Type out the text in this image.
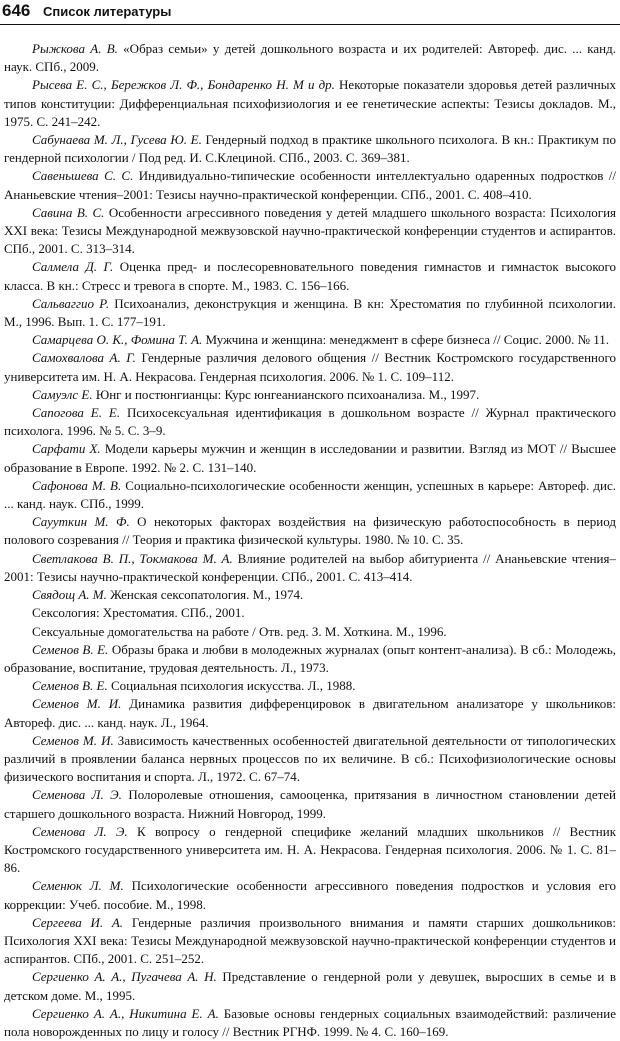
646 Список литературы

Рыжкова А. В. «Образ семьи» у детей дошкольного возраста и их родителей: Автореф. дис. ... канд. наук. СПб., 2009.

Рысева Е. С., Бережков Л. Ф., Бондаренко Н. М и др. Некоторые показатели здоровья детей различных типов конституции: Дифференциальная психофизиология и ее генетические аспекты: Тезисы докладов. М., 1975. С. 241–242.

Сабунаева М. Л., Гусева Ю. Е. Гендерный подход в практике школьного психолога. В кн.: Практикум по гендерной психологии / Под ред. И. С.Клециной. СПб., 2003. С. 369–381.

Савеньшева С. С. Индивидуально-типические особенности интеллектуально одаренных подростков // Ананьевские чтения–2001: Тезисы научно-практической конференции. СПб., 2001. С. 408–410.

Савина В. С. Особенности агрессивного поведения у детей младшего школьного возраста: Психология XXI века: Тезисы Международной межвузовской научно-практической конференции студентов и аспирантов. СПб., 2001. С. 313–314.

Салмела Д. Г. Оценка пред- и послесоревновательного поведения гимнастов и гимнасток высокого класса. В кн.: Стресс и тревога в спорте. М., 1983. С. 156–166.

Сальваггио Р. Психоанализ, деконструкция и женщина. В кн: Хрестоматия по глубинной психологии. М., 1996. Вып. 1. С. 177–191.

Самарцева О. К., Фомина Т. А. Мужчина и женщина: менеджмент в сфере бизнеса // Социс. 2000. № 11.

Самохвалова А. Г. Гендерные различия делового общения // Вестник Костромского государственного университета им. Н. А. Некрасова. Гендерная психология. 2006. № 1. С. 109–112.

Самуэлс Е. Юнг и постюнгианцы: Курс юнгеанианского психоанализа. М., 1997.

Сапогова Е. Е. Психосексуальная идентификация в дошкольном возрасте // Журнал практического психолога. 1996. № 5. С. 3–9.

Сарфати Х. Модели карьеры мужчин и женщин в исследовании и развитии. Взгляд из МОТ // Высшее образование в Европе. 1992. № 2. С. 131–140.

Сафонова М. В. Социально-психологические особенности женщин, успешных в карьере: Автореф. дис. ... канд. наук. СПб., 1999.

Саууткин М. Ф. О некоторых факторах воздействия на физическую работоспособность в период полового созревания // Теория и практика физической культуры. 1980. № 10. С. 35.

Светлакова В. П., Токмакова М. А. Влияние родителей на выбор абитуриента // Ананьевские чтения–2001: Тезисы научно-практической конференции. СПб., 2001. С. 413–414.

Свядощ А. М. Женская сексопатология. М., 1974.

Сексология: Хрестоматия. СПб., 2001.

Сексуальные домогательства на работе / Отв. ред. З. М. Хоткина. М., 1996.

Семенов В. Е. Образы брака и любви в молодежных журналах (опыт контент-анализа). В сб.: Молодежь, образование, воспитание, трудовая деятельность. Л., 1973.

Семенов В. Е. Социальная психология искусства. Л., 1988.

Семенов М. И. Динамика развития дифференцировок в двигательном анализаторе у школьников: Автореф. дис. ... канд. наук. Л., 1964.

Семенов М. И. Зависимость качественных особенностей двигательной деятельности от типологических различий в проявлении баланса нервных процессов по их величине. В сб.: Психофизиологические основы физического воспитания и спорта. Л., 1972. С. 67–74.

Семенова Л. Э. Полоролевые отношения, самооценка, притязания в личностном становлении детей старшего дошкольного возраста. Нижний Новгород, 1999.

Семенова Л. Э. К вопросу о гендерной специфике желаний младших школьников // Вестник Костромского государственного университета им. Н. А. Некрасова. Гендерная психология. 2006. № 1. С. 81–86.

Семенюк Л. М. Психологические особенности агрессивного поведения подростков и условия его коррекции: Учеб. пособие. М., 1998.

Сергеева И. А. Гендерные различия произвольного внимания и памяти старших дошкольников: Психология XXI века: Тезисы Международной межвузовской научно-практической конференции студентов и аспирантов. СПб., 2001. С. 251–252.

Сергиенко А. А., Пугачева А. Н. Представление о гендерной роли у девушек, выросших в семье и в детском доме. М., 1995.

Сергиенко А. А., Никитина Е. А. Базовые основы гендерных социальных взаимодействий: различение пола новорожденных по лицу и голосу // Вестник РГНФ. 1999. № 4. С. 160–169.
